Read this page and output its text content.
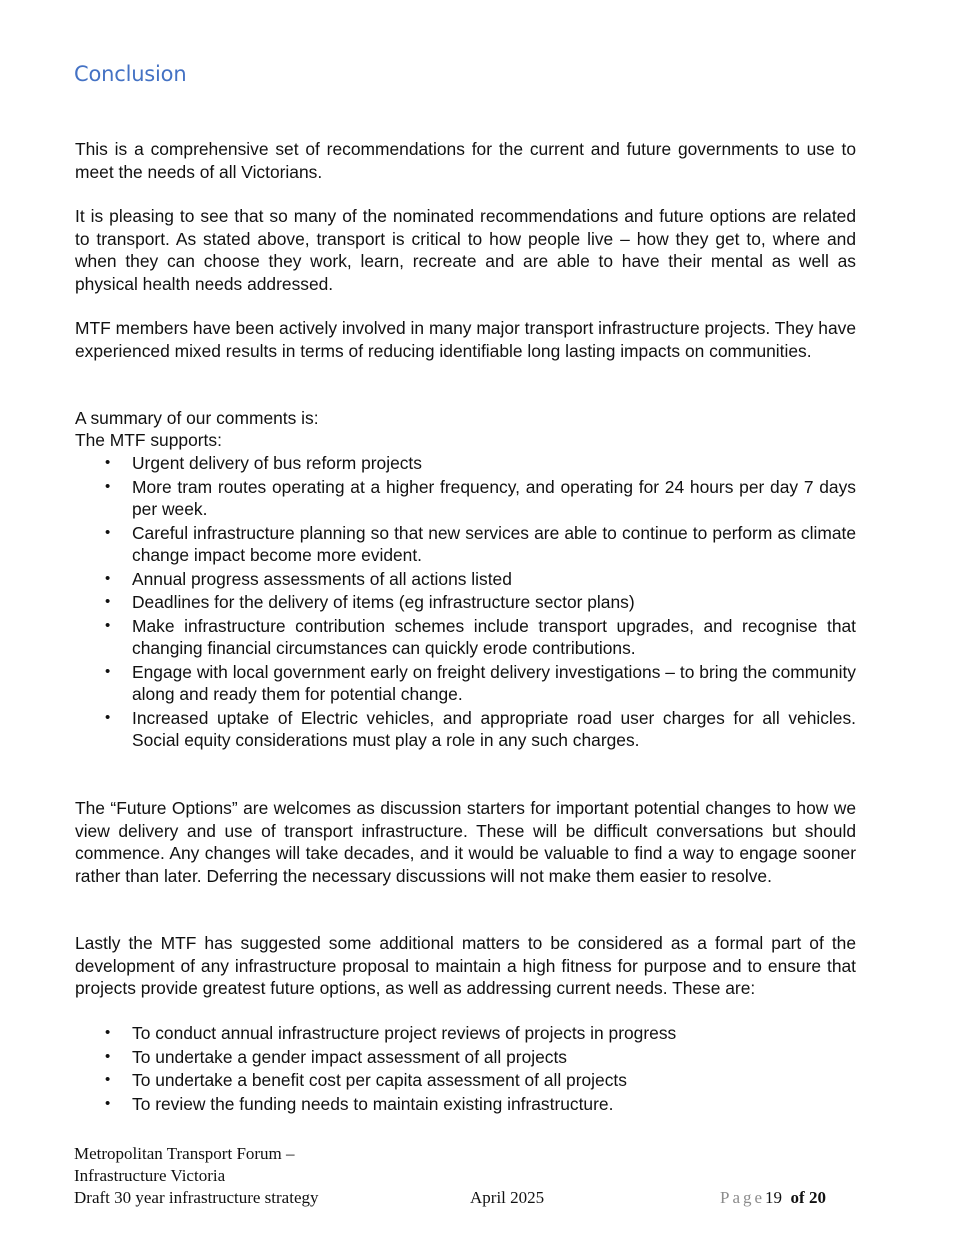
Conclusion

This is a comprehensive set of recommendations for the current and future governments to use to meet the needs of all Victorians.

It is pleasing to see that so many of the nominated recommendations and future options are related to transport. As stated above, transport is critical to how people live – how they get to, where and when they can choose they work, learn, recreate and are able to have their mental as well as physical health needs addressed.

MTF members have been actively involved in many major transport infrastructure projects. They have experienced mixed results in terms of reducing identifiable long lasting impacts on communities.

A summary of our comments is:

The MTF supports:

• Urgent delivery of bus reform projects
• More tram routes operating at a higher frequency, and operating for 24 hours per day 7 days per week.
• Careful infrastructure planning so that new services are able to continue to perform as climate change impact become more evident.
• Annual progress assessments of all actions listed
• Deadlines for the delivery of items (eg infrastructure sector plans)
• Make infrastructure contribution schemes include transport upgrades, and recognise that changing financial circumstances can quickly erode contributions.
• Engage with local government early on freight delivery investigations – to bring the community along and ready them for potential change.
• Increased uptake of Electric vehicles, and appropriate road user charges for all vehicles. Social equity considerations must play a role in any such charges.

The “Future Options” are welcomes as discussion starters for important potential changes to how we view delivery and use of transport infrastructure. These will be difficult conversations but should commence. Any changes will take decades, and it would be valuable to find a way to engage sooner rather than later. Deferring the necessary discussions will not make them easier to resolve.

Lastly the MTF has suggested some additional matters to be considered as a formal part of the development of any infrastructure proposal to maintain a high fitness for purpose and to ensure that projects provide greatest future options, as well as addressing current needs. These are:

• To conduct annual infrastructure project reviews of projects in progress
• To undertake a gender impact assessment of all projects
• To undertake a benefit cost per capita assessment of all projects
• To review the funding needs to maintain existing infrastructure.
Metropolitan Transport Forum –
Infrastructure Victoria
Draft 30 year infrastructure strategy	April 2025	Page19 of 20
